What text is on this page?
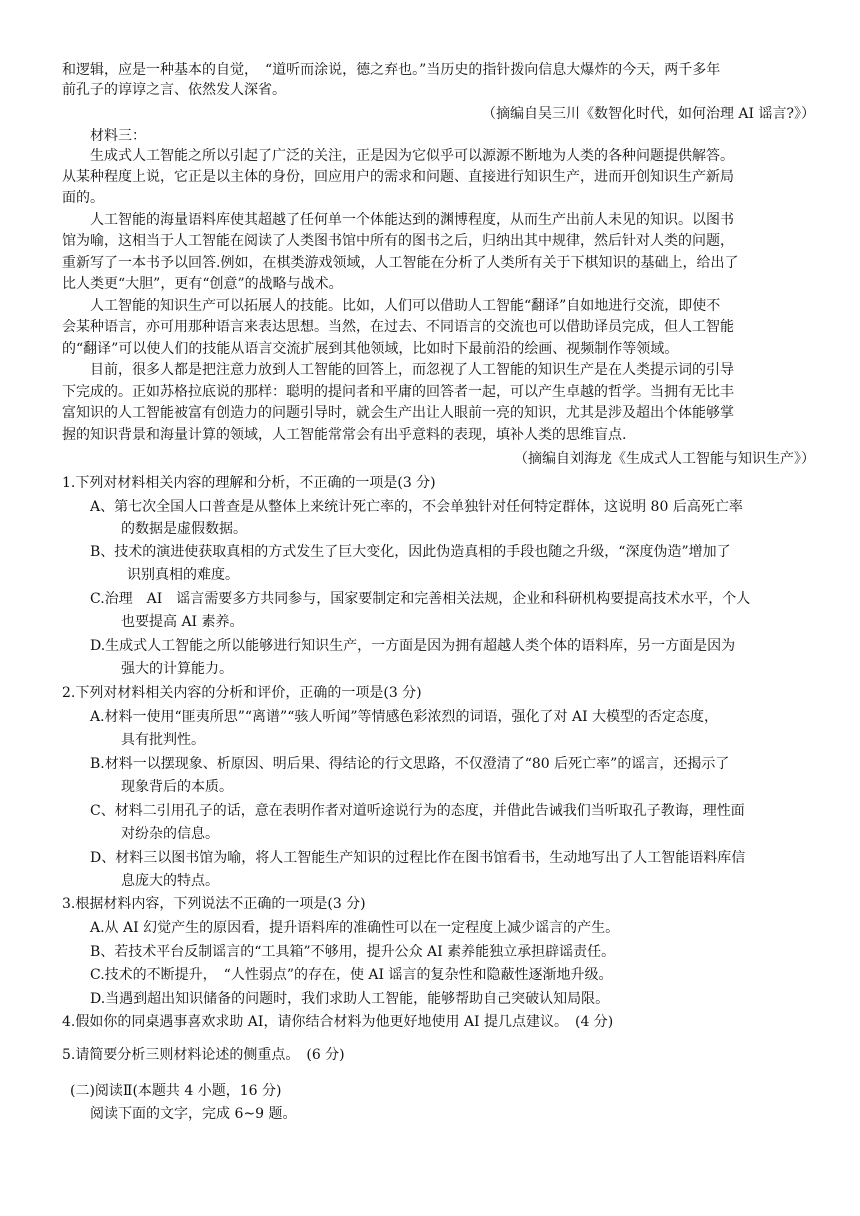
和逻辑，应是一种基本的自觉，　“道听而涂说，德之弃也。”当历史的指针拨向信息大爆炸的今天，两千多年
前孔子的谆谆之言、依然发人深省。
（摘编自吴三川《数智化时代，如何治理 AI 谣言?》）
材料三：
生成式人工智能之所以引起了广泛的关注，正是因为它似乎可以源源不断地为人类的各种问题提供解答。
从某种程度上说，它正是以主体的身份，回应用户的需求和问题、直接进行知识生产，进而开创知识生产新局
面的。
人工智能的海量语料库使其超越了任何单一个体能达到的渊博程度，从而生产出前人未见的知识。以图书
馆为喻，这相当于人工智能在阅读了人类图书馆中所有的图书之后，归纳出其中规律，然后针对人类的问题，
重新写了一本书予以回答.例如，在棋类游戏领域，人工智能在分析了人类所有关于下棋知识的基础上，给出了
比人类更“大胆”，更有“创意”的战略与战术。
人工智能的知识生产可以拓展人的技能。比如，人们可以借助人工智能“翻译”自如地进行交流，即使不
会某种语言，亦可用那种语言来表达思想。当然，在过去、不同语言的交流也可以借助译员完成，但人工智能
的“翻译”可以使人们的技能从语言交流扩展到其他领域，比如时下最前沿的绘画、视频制作等领域。
目前，很多人都是把注意力放到人工智能的回答上，而忽视了人工智能的知识生产是在人类提示词的引导
下完成的。正如苏格拉底说的那样：聪明的提问者和平庸的回答者一起，可以产生卓越的哲学。当拥有无比丰
富知识的人工智能被富有创造力的问题引导时，就会生产出让人眼前一亮的知识，尤其是涉及超出个体能够掌
握的知识背景和海量计算的领域，人工智能常常会有出乎意料的表现，填补人类的思维盲点.
（摘编自刘海龙《生成式人工智能与知识生产》）
1.下列对材料相关内容的理解和分析，不正确的一项是(3 分)
A、第七次全国人口普查是从整体上来统计死亡率的，不会单独针对任何特定群体，这说明 80 后高死亡率
的数据是虚假数据。
B、技术的演进使获取真相的方式发生了巨大变化，因此伪造真相的手段也随之升级，“深度伪造”增加了
识别真相的难度。
C.治理　AI　谣言需要多方共同参与，国家要制定和完善相关法规，企业和科研机构要提高技术水平，个人
也要提高 AI 素养。
D.生成式人工智能之所以能够进行知识生产，一方面是因为拥有超越人类个体的语料库，另一方面是因为
强大的计算能力。
2.下列对材料相关内容的分析和评价，正确的一项是(3 分)
A.材料一使用“匪夷所思”“离谱”“骇人听闻”等情感色彩浓烈的词语，强化了对 AI 大模型的否定态度，
具有批判性。
B.材料一以摆现象、析原因、明后果、得结论的行文思路，不仅澄清了“80 后死亡率”的谣言，还揭示了
现象背后的本质。
C、材料二引用孔子的话，意在表明作者对道听途说行为的态度，并借此告诫我们当听取孔子教诲，理性面
对纷杂的信息。
D、材料三以图书馆为喻，将人工智能生产知识的过程比作在图书馆看书，生动地写出了人工智能语料库信
息庞大的特点。
3.根据材料内容，下列说法不正确的一项是(3 分)
A.从 AI 幻觉产生的原因看，提升语料库的准确性可以在一定程度上减少谣言的产生。
B、若技术平台反制谣言的“工具箱”不够用，提升公众 AI 素养能独立承担辟谣责任。
C.技术的不断提升，　“人性弱点”的存在，使 AI 谣言的复杂性和隐蔽性逐渐地升级。
D.当遇到超出知识储备的问题时，我们求助人工智能，能够帮助自己突破认知局限。
4.假如你的同桌遇事喜欢求助 AI，请你结合材料为他更好地使用 AI 提几点建议。　(4 分)
5.请简要分析三则材料论述的侧重点。　(6 分)
(二)阅读Ⅱ(本题共 4 小题，16 分)
阅读下面的文字，完成 6~9 题。
